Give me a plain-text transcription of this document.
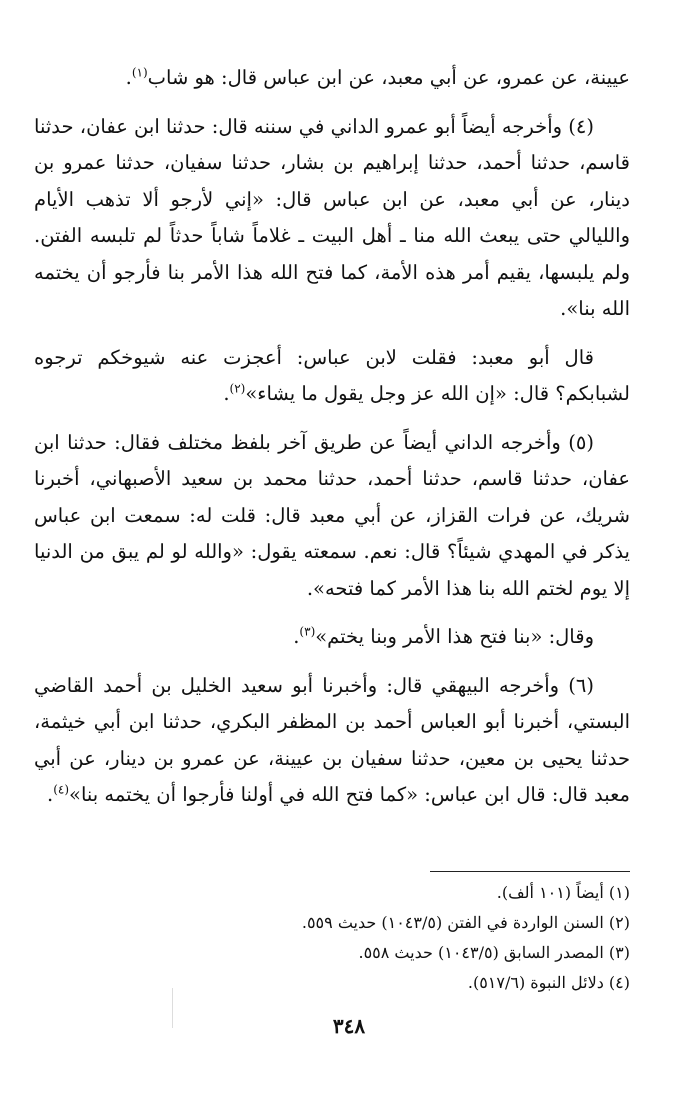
عيينة، عن عمرو، عن أبي معبد، عن ابن عباس قال: هو شاب$^{(١)}$.

(٤) وأخرجه أيضاً أبو عمرو الداني في سننه قال: حدثنا ابن عفان، حدثنا قاسم، حدثنا أحمد، حدثنا إبراهيم بن بشار، حدثنا سفيان، حدثنا عمرو بن دينار، عن أبي معبد، عن ابن عباس قال: «إني لأرجو ألا تذهب الأيام والليالي حتى يبعث الله منا ـ أهل البيت ـ غلاماً شاباً حدثاً لم تلبسه الفتن. ولم يلبسها، يقيم أمر هذه الأمة، كما فتح الله هذا الأمر بنا فأرجو أن يختمه الله بنا».

قال أبو معبد: فقلت لابن عباس: أعجزت عنه شيوخكم ترجوه لشبابكم؟ قال: «إن الله عز وجل يقول ما يشاء»$^{(٢)}$.

(٥) وأخرجه الداني أيضاً عن طريق آخر بلفظ مختلف فقال: حدثنا ابن عفان، حدثنا قاسم، حدثنا أحمد، حدثنا محمد بن سعيد الأصبهاني، أخبرنا شريك، عن فرات القزاز، عن أبي معبد قال: قلت له: سمعت ابن عباس يذكر في المهدي شيئاً؟ قال: نعم. سمعته يقول: «والله لو لم يبق من الدنيا إلا يوم لختم الله بنا هذا الأمر كما فتحه».

وقال: «بنا فتح هذا الأمر وبنا يختم»$^{(٣)}$.

(٦) وأخرجه البيهقي قال: وأخبرنا أبو سعيد الخليل بن أحمد القاضي البستي، أخبرنا أبو العباس أحمد بن المظفر البكري، حدثنا ابن أبي خيثمة، حدثنا يحيى بن معين، حدثنا سفيان بن عيينة، عن عمرو بن دينار، عن أبي معبد قال: قال ابن عباس: «كما فتح الله في أولنا فأرجوا أن يختمه بنا»$^{(٤)}$.

(١) أيضاً (١٠١ ألف).

(٢) السنن الواردة في الفتن (١٠٤٣/٥) حديث ٥٥٩.

(٣) المصدر السابق (١٠٤٣/٥) حديث ٥٥٨.

(٤) دلائل النبوة (٥١٧/٦).

٣٤٨
